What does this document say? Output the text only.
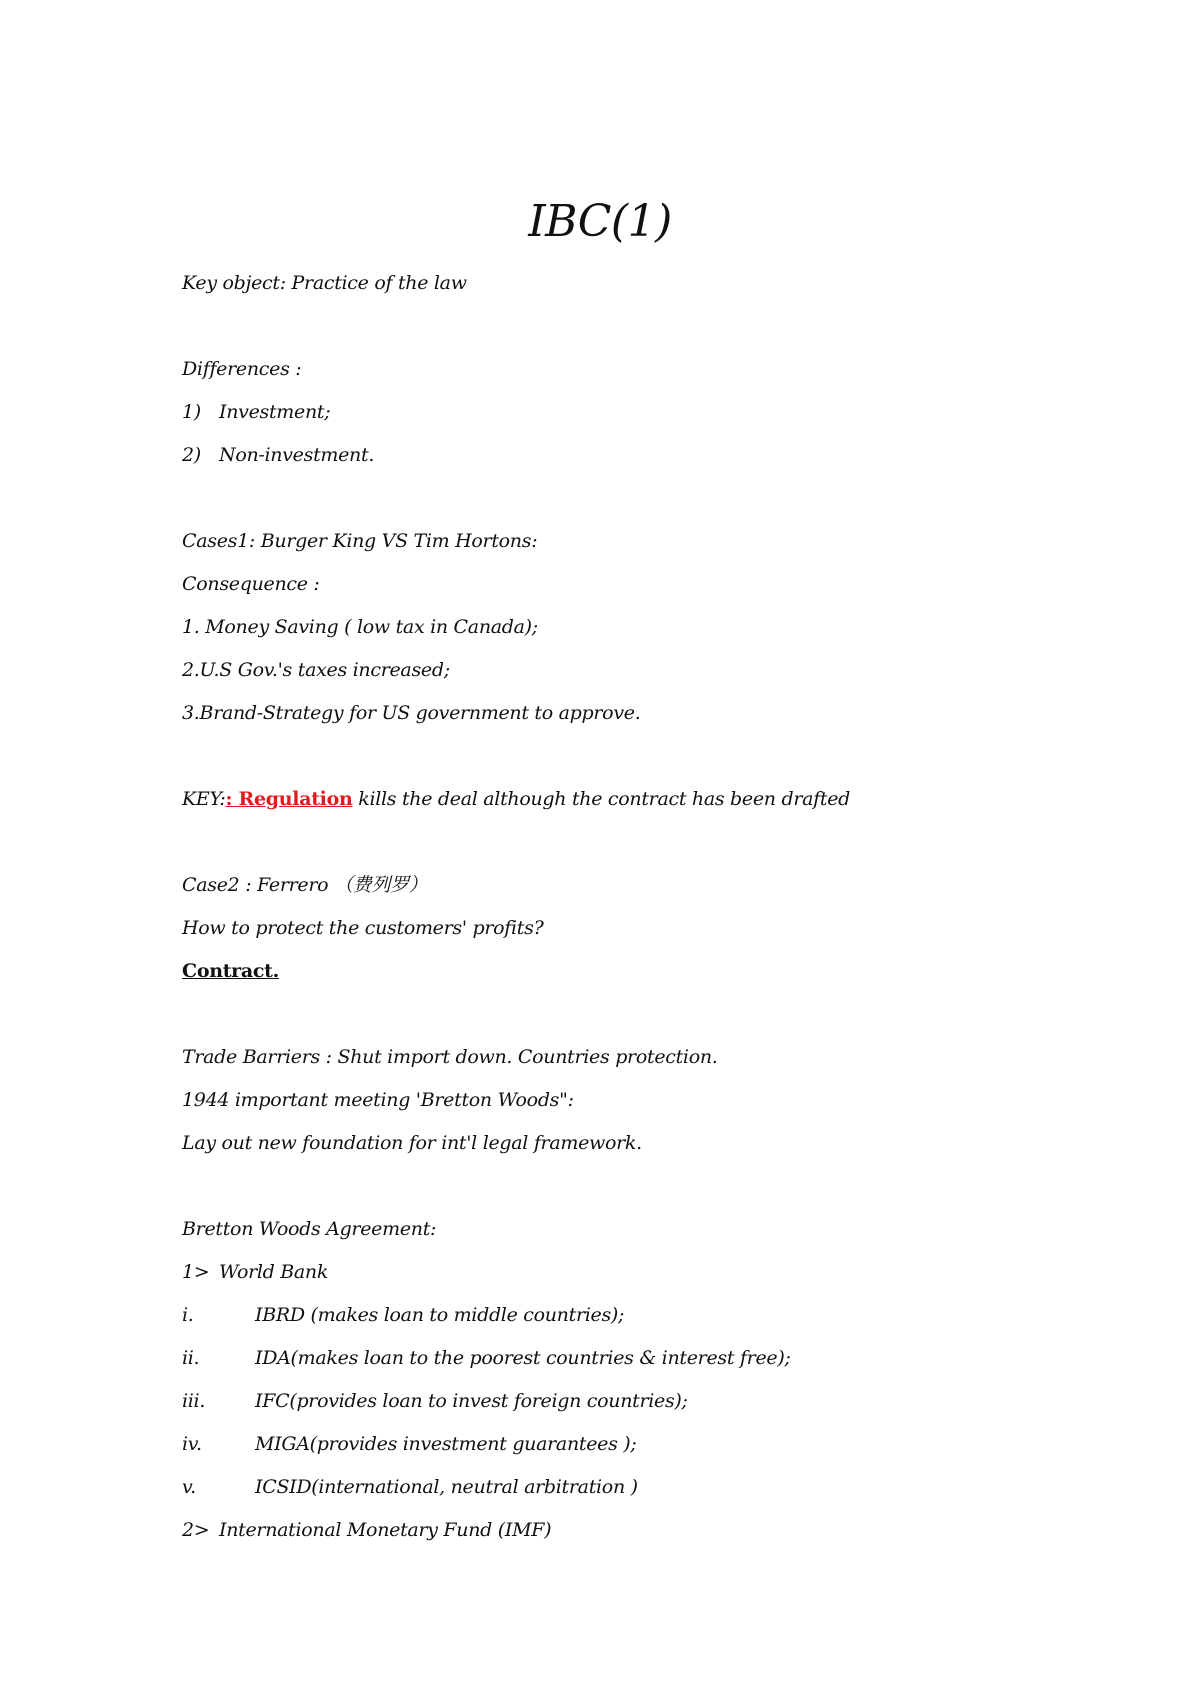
IBC(1)
Key object: Practice of the law
Differences :
1) Investment;
2) Non-investment.
Cases1: Burger King VS Tim Hortons:
Consequence :
1. Money Saving ( low tax in Canada);
2.U.S Gov.'s taxes increased;
3.Brand-Strategy for US government to approve.
KEY:: Regulation kills the deal although the contract has been drafted
Case2 : Ferrero （费列罗）
How to protect the customers' profits?
Contract.
Trade Barriers : Shut import down. Countries protection.
1944 important meeting 'Bretton Woods":
Lay out new foundation for int'l legal framework.
Bretton Woods Agreement:
1> World Bank
i.	IBRD (makes loan to middle countries);
ii.	IDA(makes loan to the poorest countries & interest free);
iii.	IFC(provides loan to invest foreign countries);
iv.	MIGA(provides investment guarantees );
v.	ICSID(international, neutral arbitration )
2> International Monetary Fund (IMF)
